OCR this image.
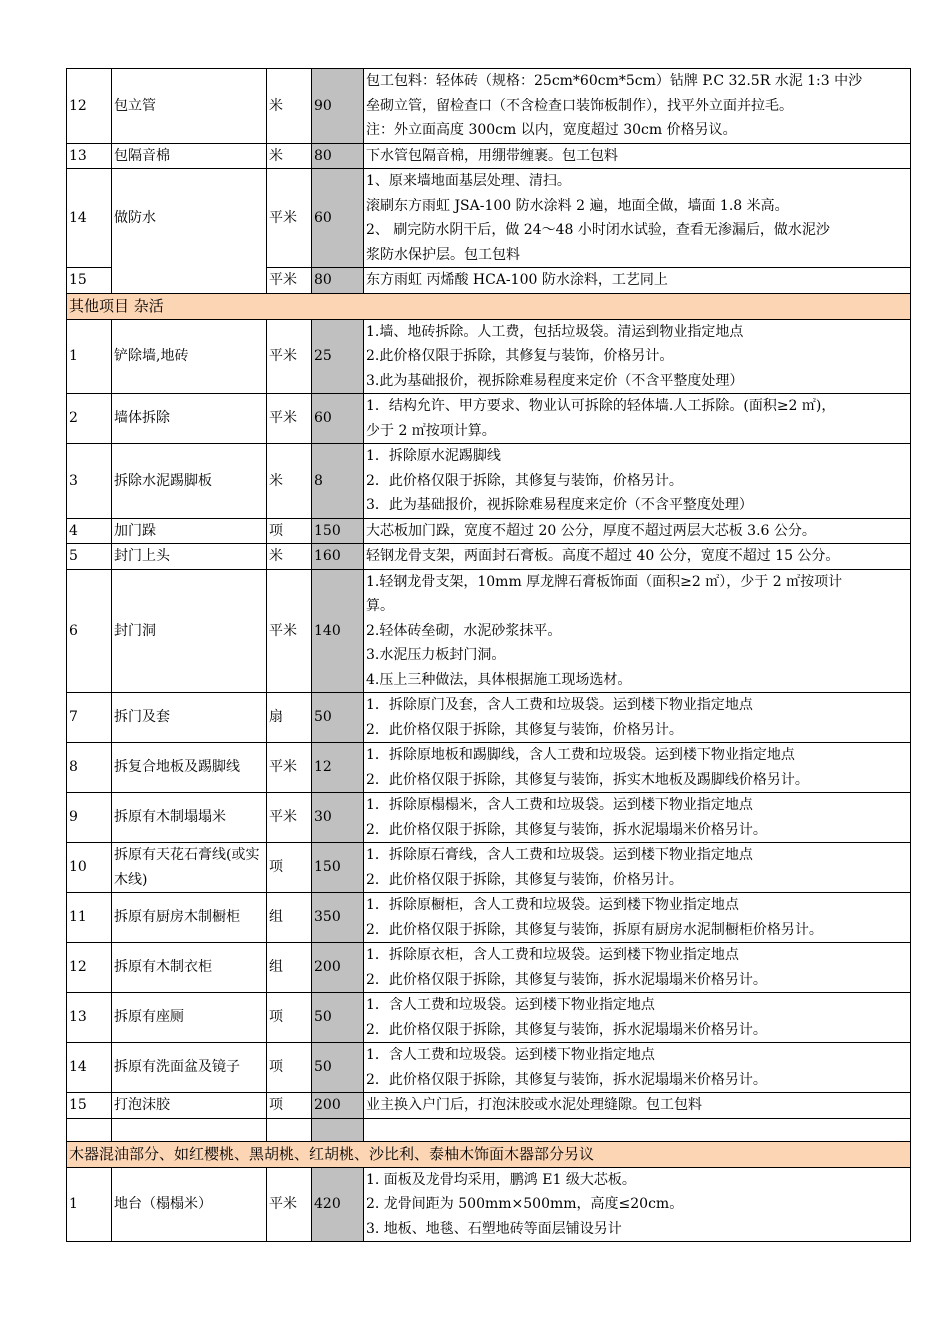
12	包立管	米	90	包工包料：轻体砖（规格：25cm*60cm*5cm）钻牌 P.C 32.5R 水泥 1:3 中沙
垒砌立管，留检查口（不含检查口装饰板制作），找平外立面并拉毛。
注：外立面高度 300cm 以内，宽度超过 30cm 价格另议。

13	包隔音棉	米	80	下水管包隔音棉，用绷带缠裹。包工包料

14	做防水	平米	60	1、原来墙地面基层处理、清扫。
滚刷东方雨虹 JSA-100 防水涂料 2 遍，地面全做，墙面 1.8 米高。
2、 刷完防水阴干后，做 24～48 小时闭水试验，查看无渗漏后，做水泥沙
浆防水保护层。包工包料

15		平米	80	东方雨虹 丙烯酸 HCA-100 防水涂料，工艺同上

其他项目 杂活				
1	铲除墙,地砖	平米	25	1.墙、地砖拆除。人工费，包括垃圾袋。清运到物业指定地点
2.此价格仅限于拆除，其修复与装饰，价格另计。
3.此为基础报价，视拆除难易程度来定价（不含平整度处理）

2	墙体拆除	平米	60	1．结构允许、甲方要求、物业认可拆除的轻体墙.人工拆除。(面积≥2 ㎡)，
少于 2 ㎡按项计算。

3	拆除水泥踢脚板	米	8	1．拆除原水泥踢脚线
2．此价格仅限于拆除，其修复与装饰，价格另计。
3．此为基础报价，视拆除难易程度来定价（不含平整度处理）

4	加门跺	项	150	大芯板加门跺，宽度不超过 20 公分，厚度不超过两层大芯板 3.6 公分。

5	封门上头	米	160	轻钢龙骨支架，两面封石膏板。高度不超过 40 公分，宽度不超过 15 公分。

6	封门洞	平米	140	1.轻钢龙骨支架，10mm 厚龙牌石膏板饰面（面积≥2 ㎡），少于 2 ㎡按项计
算。
2.轻体砖垒砌，水泥砂浆抹平。
3.水泥压力板封门洞。
4.压上三种做法，具体根据施工现场选材。

7	拆门及套	扇	50	1．拆除原门及套，含人工费和垃圾袋。运到楼下物业指定地点
2．此价格仅限于拆除，其修复与装饰，价格另计。

8	拆复合地板及踢脚线	平米	12	1．拆除原地板和踢脚线，含人工费和垃圾袋。运到楼下物业指定地点
2．此价格仅限于拆除，其修复与装饰，拆实木地板及踢脚线价格另计。

9	拆原有木制塌塌米	平米	30	1．拆除原榻榻米，含人工费和垃圾袋。运到楼下物业指定地点
2．此价格仅限于拆除，其修复与装饰，拆水泥塌塌米价格另计。

10	拆原有天花石膏线(或实木线)	项	150	1．拆除原石膏线，含人工费和垃圾袋。运到楼下物业指定地点
2．此价格仅限于拆除，其修复与装饰，价格另计。

11	拆原有厨房木制橱柜	组	350	1．拆除原橱柜，含人工费和垃圾袋。运到楼下物业指定地点
2．此价格仅限于拆除，其修复与装饰，拆原有厨房水泥制橱柜价格另计。

12	拆原有木制衣柜	组	200	1．拆除原衣柜，含人工费和垃圾袋。运到楼下物业指定地点
2．此价格仅限于拆除，其修复与装饰，拆水泥塌塌米价格另计。

13	拆原有座厕	项	50	1．含人工费和垃圾袋。运到楼下物业指定地点
2．此价格仅限于拆除，其修复与装饰，拆水泥塌塌米价格另计。

14	拆原有洗面盆及镜子	项	50	1．含人工费和垃圾袋。运到楼下物业指定地点
2．此价格仅限于拆除，其修复与装饰，拆水泥塌塌米价格另计。

15	打泡沫胶	项	200	业主换入户门后，打泡沫胶或水泥处理缝隙。包工包料

木器混油部分、如红樱桃、黑胡桃、红胡桃、沙比利、泰柚木饰面木器部分另议				
1	地台（榻榻米）	平米	420	1. 面板及龙骨均采用，鹏鸿 E1 级大芯板。
2. 龙骨间距为 500mm×500mm，高度≤20cm。
3. 地板、地毯、石塑地砖等面层铺设另计
